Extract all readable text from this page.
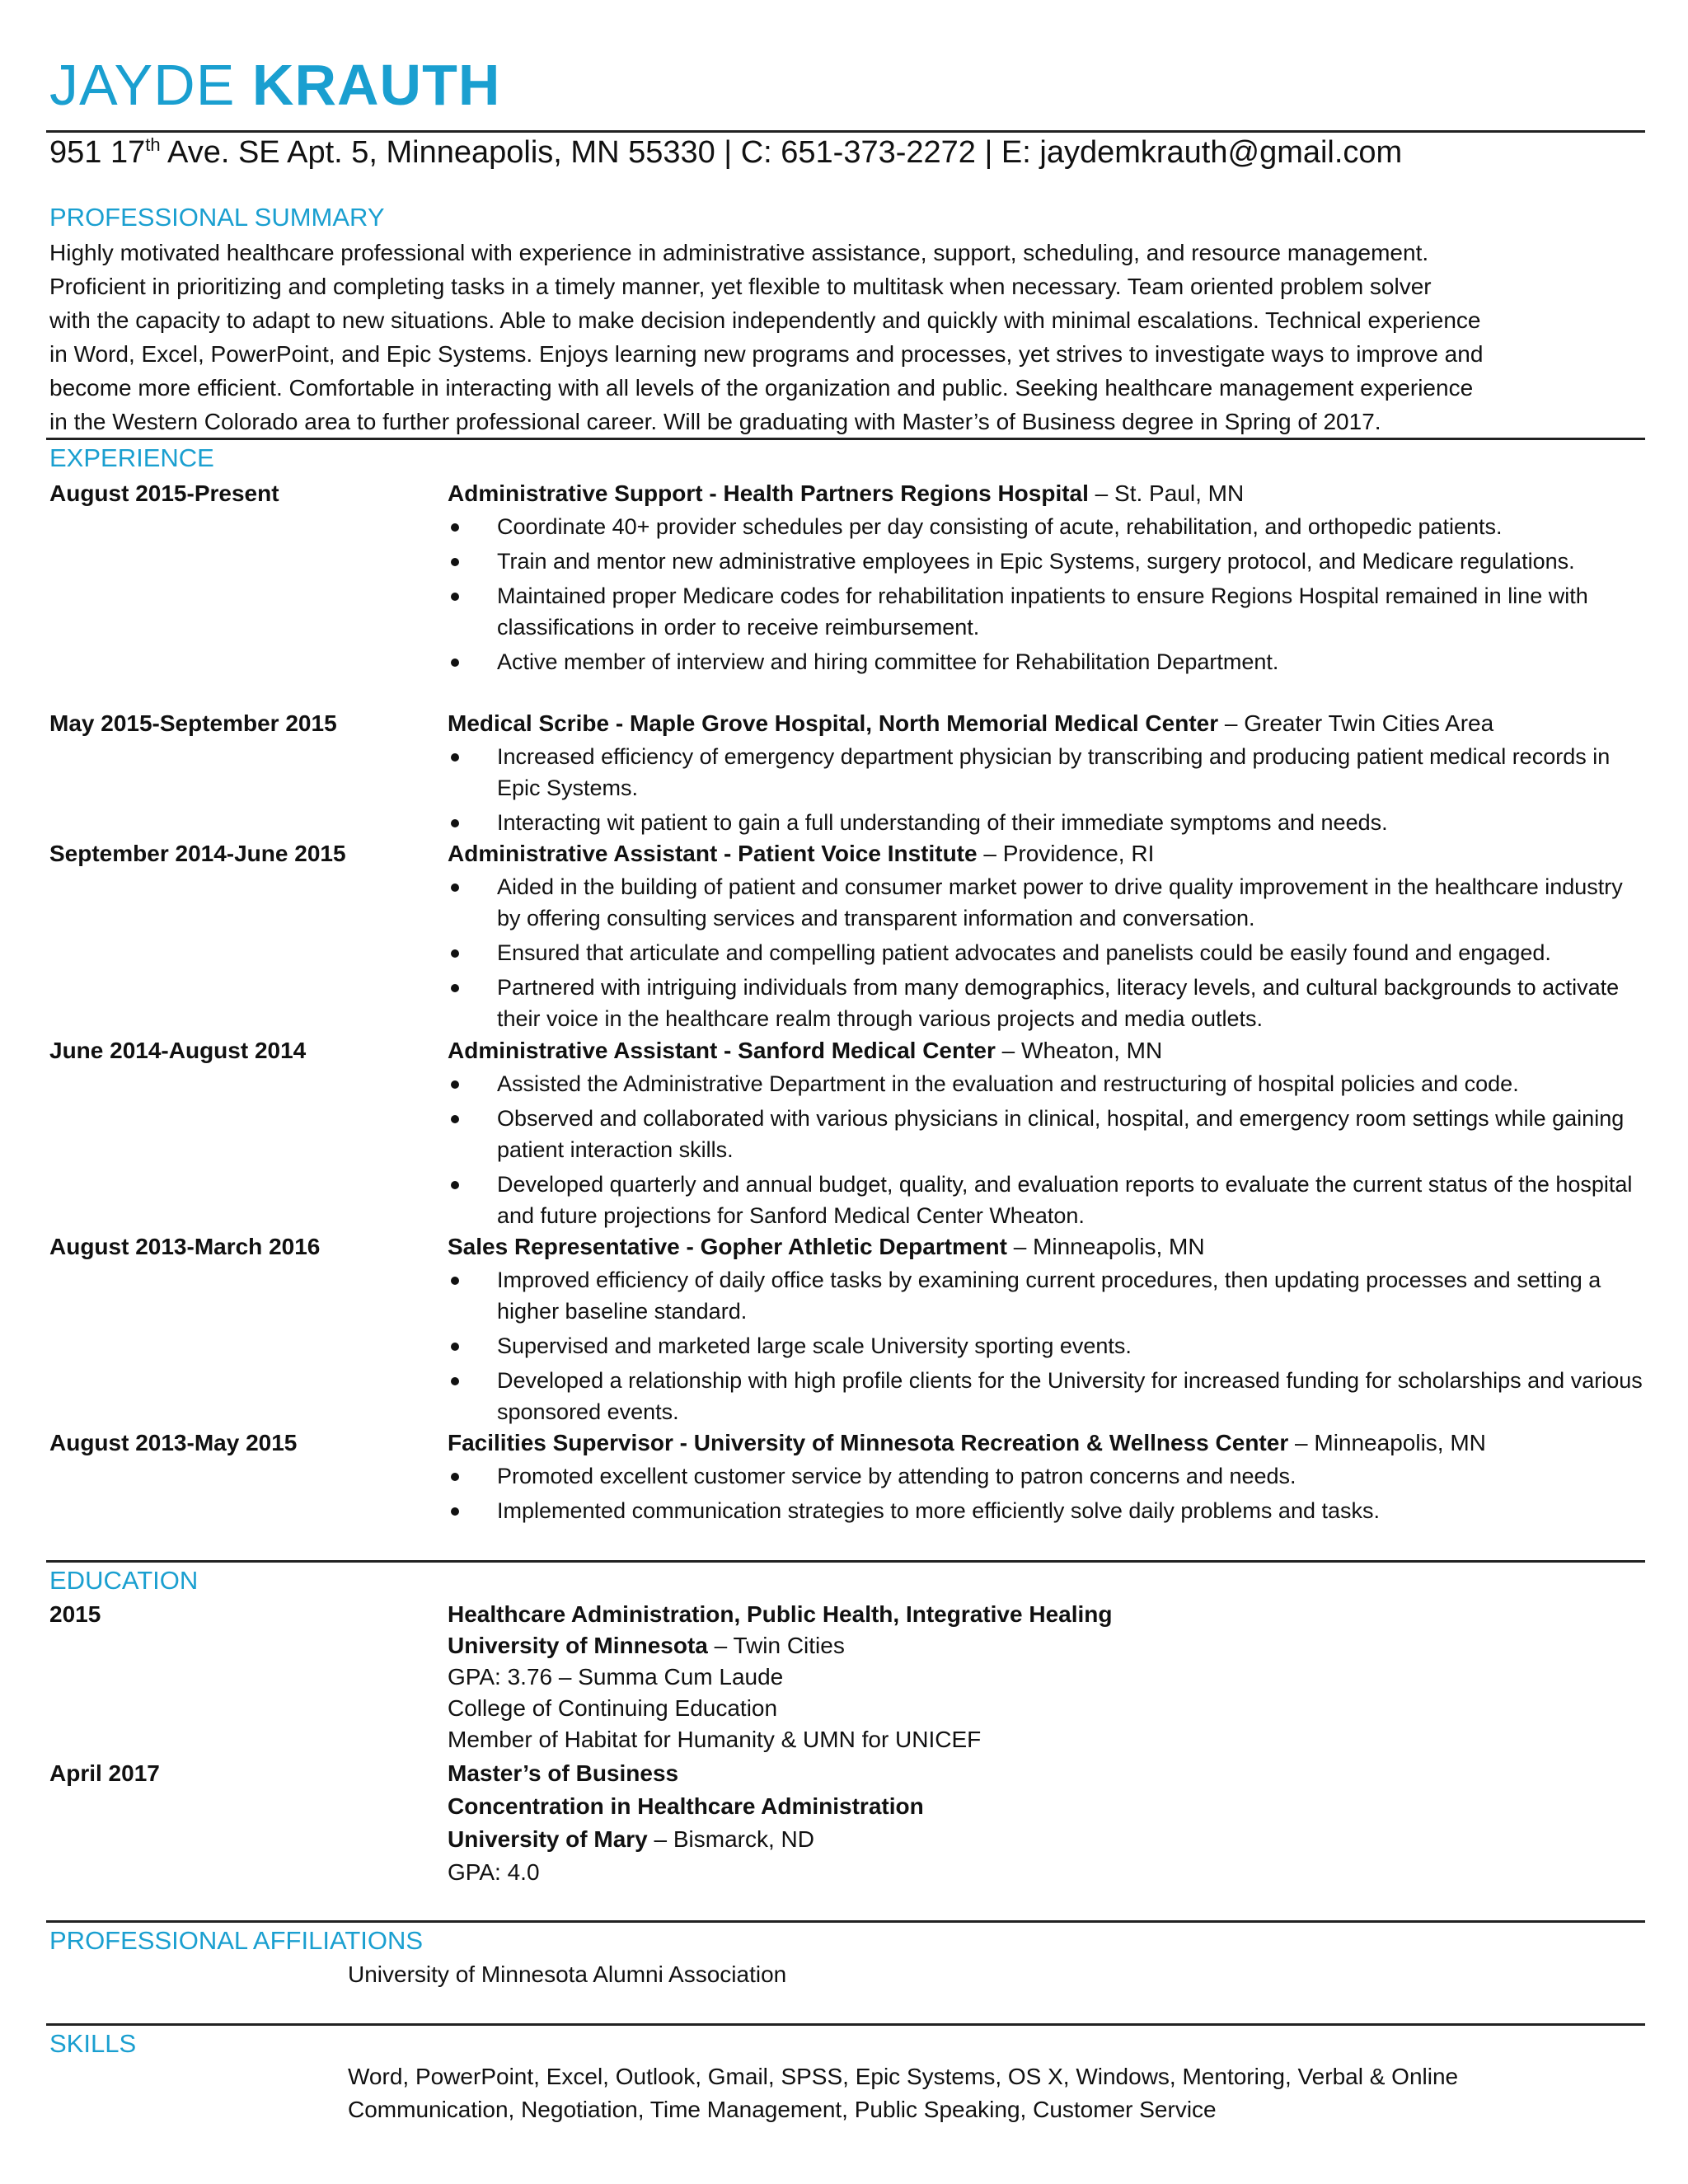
JAYDE KRAUTH
951 17th Ave. SE Apt. 5, Minneapolis, MN 55330 | C: 651-373-2272 | E: jaydemkrauth@gmail.com
PROFESSIONAL SUMMARY
Highly motivated healthcare professional with experience in administrative assistance, support, scheduling, and resource management.
Proficient in prioritizing and completing tasks in a timely manner, yet flexible to multitask when necessary. Team oriented problem solver
with the capacity to adapt to new situations. Able to make decision independently and quickly with minimal escalations. Technical experience
in Word, Excel, PowerPoint, and Epic Systems. Enjoys learning new programs and processes, yet strives to investigate ways to improve and
become more efficient. Comfortable in interacting with all levels of the organization and public. Seeking healthcare management experience
in the Western Colorado area to further professional career. Will be graduating with Master’s of Business degree in Spring of 2017.
EXPERIENCE
August 2015-Present	Administrative Support - Health Partners Regions Hospital – St. Paul, MN
Coordinate 40+ provider schedules per day consisting of acute, rehabilitation, and orthopedic patients.
Train and mentor new administrative employees in Epic Systems, surgery protocol, and Medicare regulations.
Maintained proper Medicare codes for rehabilitation inpatients to ensure Regions Hospital remained in line with classifications in order to receive reimbursement.
Active member of interview and hiring committee for Rehabilitation Department.
May 2015-September 2015	Medical Scribe - Maple Grove Hospital, North Memorial Medical Center – Greater Twin Cities Area
Increased efficiency of emergency department physician by transcribing and producing patient medical records in Epic Systems.
Interacting wit patient to gain a full understanding of their immediate symptoms and needs.
September 2014-June 2015	Administrative Assistant - Patient Voice Institute – Providence, RI
Aided in the building of patient and consumer market power to drive quality improvement in the healthcare industry by offering consulting services and transparent information and conversation.
Ensured that articulate and compelling patient advocates and panelists could be easily found and engaged.
Partnered with intriguing individuals from many demographics, literacy levels, and cultural backgrounds to activate their voice in the healthcare realm through various projects and media outlets.
June 2014-August 2014	Administrative Assistant - Sanford Medical Center – Wheaton, MN
Assisted the Administrative Department in the evaluation and restructuring of hospital policies and code.
Observed and collaborated with various physicians in clinical, hospital, and emergency room settings while gaining patient interaction skills.
Developed quarterly and annual budget, quality, and evaluation reports to evaluate the current status of the hospital and future projections for Sanford Medical Center Wheaton.
August 2013-March 2016	Sales Representative - Gopher Athletic Department – Minneapolis, MN
Improved efficiency of daily office tasks by examining current procedures, then updating processes and setting a higher baseline standard.
Supervised and marketed large scale University sporting events.
Developed a relationship with high profile clients for the University for increased funding for scholarships and various sponsored events.
August 2013-May 2015	Facilities Supervisor - University of Minnesota Recreation & Wellness Center – Minneapolis, MN
Promoted excellent customer service by attending to patron concerns and needs.
Implemented communication strategies to more efficiently solve daily problems and tasks.
EDUCATION
2015	Healthcare Administration, Public Health, Integrative Healing
University of Minnesota – Twin Cities
GPA: 3.76 – Summa Cum Laude
College of Continuing Education
Member of Habitat for Humanity & UMN for UNICEF
April 2017	Master’s of Business
Concentration in Healthcare Administration
University of Mary – Bismarck, ND
GPA: 4.0
PROFESSIONAL AFFILIATIONS
University of Minnesota Alumni Association
SKILLS
Word, PowerPoint, Excel, Outlook, Gmail, SPSS, Epic Systems, OS X, Windows, Mentoring, Verbal & Online
Communication, Negotiation, Time Management, Public Speaking, Customer Service
